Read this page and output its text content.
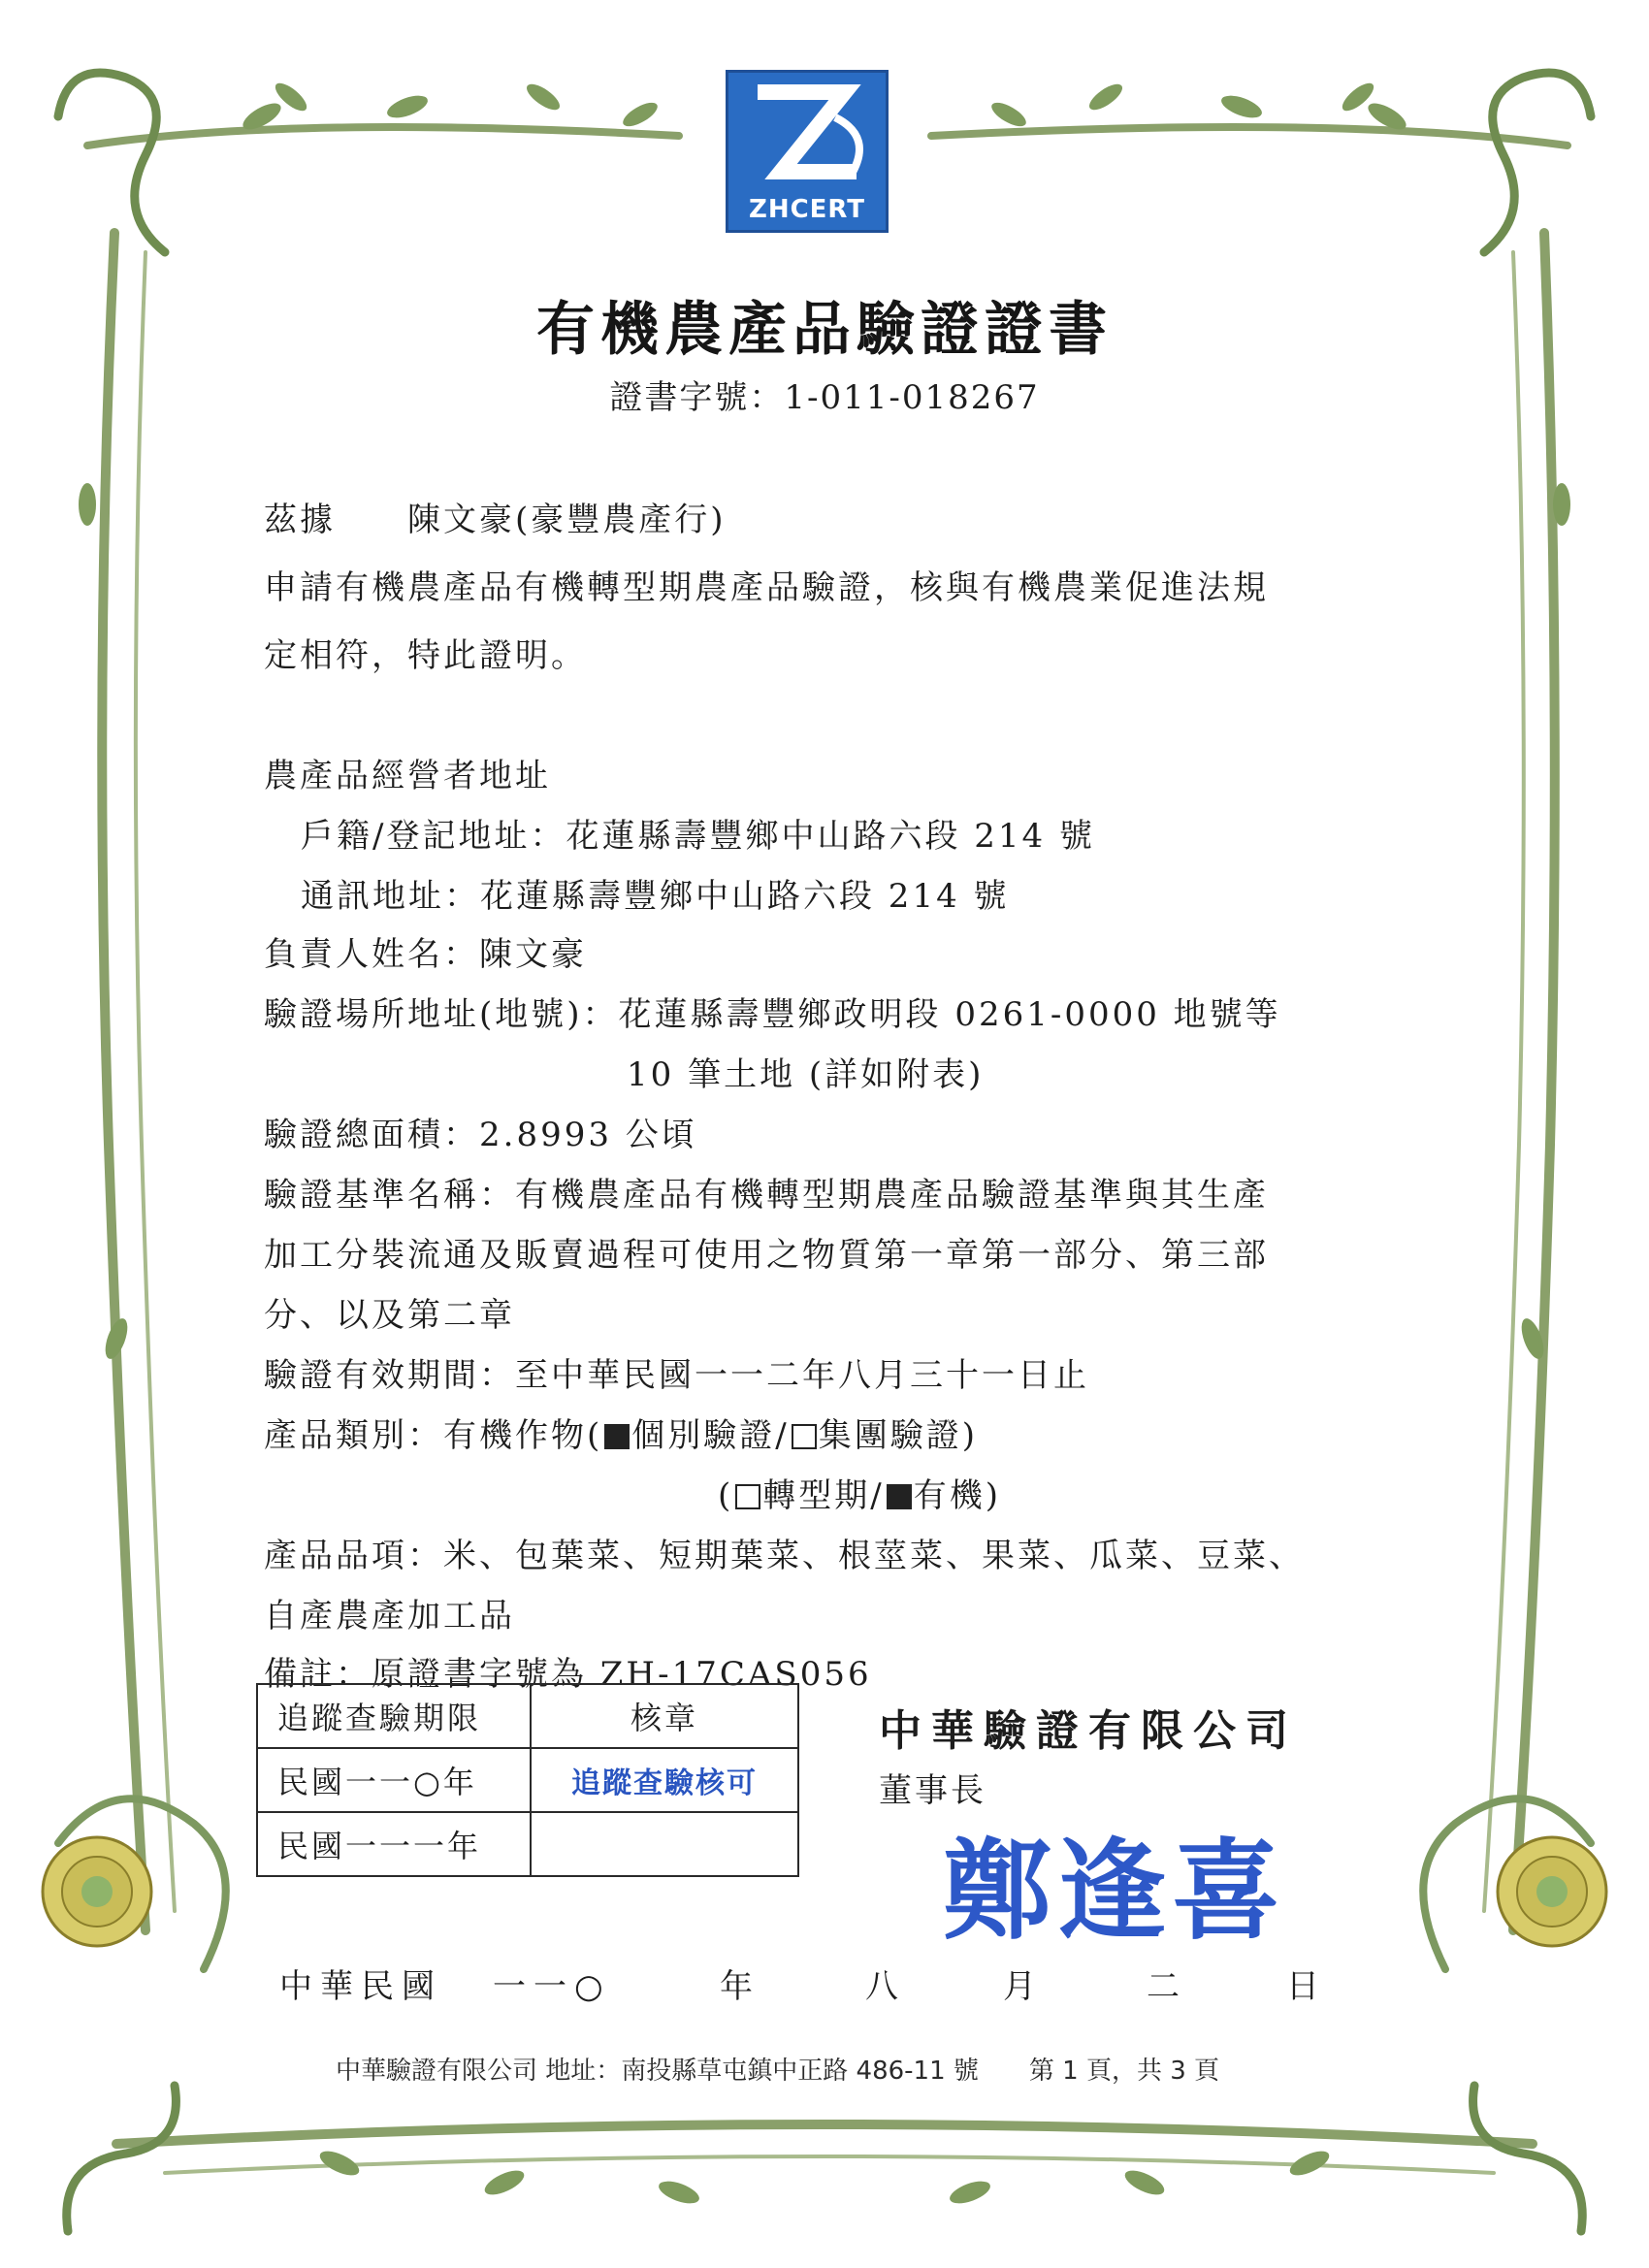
ZHCERT
有機農產品驗證證書
證書字號：1-011-018267
茲據　　陳文豪(豪豐農產行)
申請有機農產品有機轉型期農產品驗證，核與有機農業促進法規
定相符，特此證明。
農產品經營者地址
戶籍/登記地址：花蓮縣壽豐鄉中山路六段 214 號
通訊地址：花蓮縣壽豐鄉中山路六段 214 號
負責人姓名：陳文豪
驗證場所地址(地號)：花蓮縣壽豐鄉政明段 0261-0000 地號等
10 筆土地 (詳如附表)
驗證總面積：2.8993 公頃
驗證基準名稱：有機農產品有機轉型期農產品驗證基準與其生產
加工分裝流通及販賣過程可使用之物質第一章第一部分、第三部
分、以及第二章
驗證有效期間：至中華民國一一二年八月三十一日止
產品類別：有機作物( 個別驗證/ 集團驗證)
( 轉型期/ 有機)
產品品項：米、包葉菜、短期葉菜、根莖菜、果菜、瓜菜、豆菜、
自產農產加工品
備註：原證書字號為 ZH-17CAS056
追蹤查驗期限	核章
民國一一○年	追蹤查驗核可
民國一一一年	
中華驗證有限公司
董事長
鄭逢喜
中華民國 一一○	年	八	月	二	日
中華驗證有限公司 地址：南投縣草屯鎮中正路 486-11 號 第 1 頁，共 3 頁
